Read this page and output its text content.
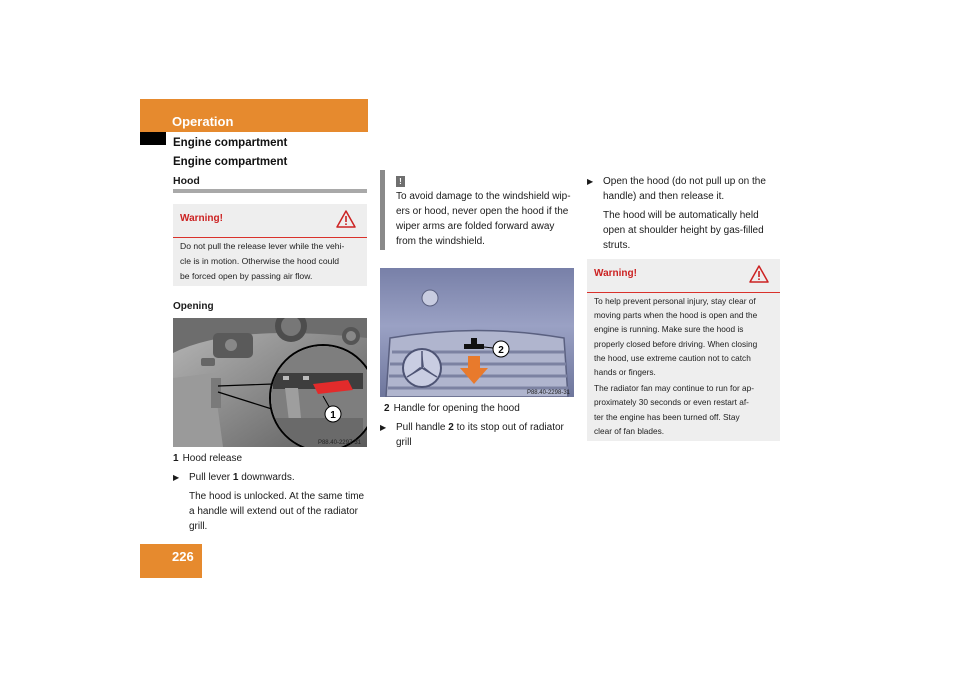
Operation
Engine compartment
Engine compartment
226
Hood
Warning!
Do not pull the release lever while the vehi-
cle is in motion. Otherwise the hood could
be forced open by passing air flow.
Opening
1
P88.40-2297-31
1 Hood release
▶ Pull lever 1 downwards.
The hood is unlocked. At the same time
a handle will extend out of the radiator
grill.
!
To avoid damage to the windshield wip-
ers or hood, never open the hood if the
wiper arms are folded forward away
from the windshield.
2
P88.40-2298-31
2 Handle for opening the hood
▶ Pull handle 2 to its stop out of radiator
grill
▶ Open the hood (do not pull up on the
handle) and then release it.
The hood will be automatically held
open at shoulder height by gas-filled
struts.
Warning!

To help prevent personal injury, stay clear of
moving parts when the hood is open and the
engine is running. Make sure the hood is
properly closed before driving. When closing
the hood, use extreme caution not to catch
hands or fingers.

The radiator fan may continue to run for ap-
proximately 30 seconds or even restart af-
ter the engine has been turned off. Stay
clear of fan blades.
